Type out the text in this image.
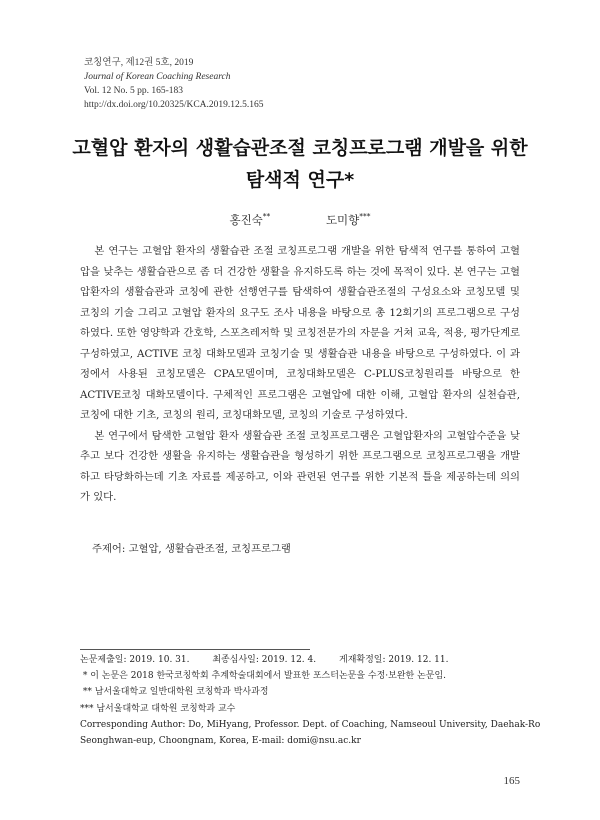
코칭연구, 제12권 5호, 2019
Journal of Korean Coaching Research
Vol. 12 No. 5 pp. 165-183
http://dx.doi.org/10.20325/KCA.2019.12.5.165
고혈압 환자의 생활습관조절 코칭프로그램 개발을 위한
탐색적 연구*
홍진숙**	도미향***

본 연구는 고혈압 환자의 생활습관 조절 코칭프로그램 개발을 위한 탐색적 연구를 통하여 고혈압을 낮추는 생활습관으로 좀 더 건강한 생활을 유지하도록 하는 것에 목적이 있다. 본 연구는 고혈압환자의 생활습관과 코칭에 관한 선행연구를 탐색하여 생활습관조절의 구성요소와 코칭모델 및 코칭의 기술 그리고 고혈압 환자의 요구도 조사 내용을 바탕으로 총 12회기의 프로그램으로 구성하였다. 또한 영양학과 간호학, 스포츠레저학 및 코칭전문가의 자문을 거쳐 교육, 적용, 평가단계로 구성하였고, ACTIVE 코칭 대화모델과 코칭기술 및 생활습관 내용을 바탕으로 구성하였다. 이 과정에서 사용된 코칭모델은 CPA모델이며, 코칭대화모델은 C-PLUS코칭원리를 바탕으로 한 ACTIVE코칭 대화모델이다. 구체적인 프로그램은 고혈압에 대한 이해, 고혈압 환자의 실천습관, 코칭에 대한 기초, 코칭의 원리, 코칭대화모델, 코칭의 기술로 구성하였다.

본 연구에서 탐색한 고혈압 환자 생활습관 조절 코칭프로그램은 고혈압환자의 고혈압수준을 낮추고 보다 건강한 생활을 유지하는 생활습관을 형성하기 위한 프로그램으로 코칭프로그램을 개발하고 타당화하는데 기초 자료를 제공하고, 이와 관련된 연구를 위한 기본적 틀을 제공하는데 의의가 있다.

주제어: 고혈압, 생활습관조절, 코칭프로그램
논문제출일: 2019. 10. 31.        최종심사일: 2019. 12. 4.        게재확정일: 2019. 12. 11.
* 이 논문은 2018 한국코칭학회 추계학술대회에서 발표한 포스터논문을 수정·보완한 논문임.
** 남서울대학교 일반대학원 코칭학과 박사과정
*** 남서울대학교 대학원 코칭학과 교수
Corresponding Author: Do, MiHyang, Professor. Dept. of Coaching, Namseoul University, Daehak-Ro
Seonghwan-eup, Choongnam, Korea, E-mail: domi@nsu.ac.kr
165
